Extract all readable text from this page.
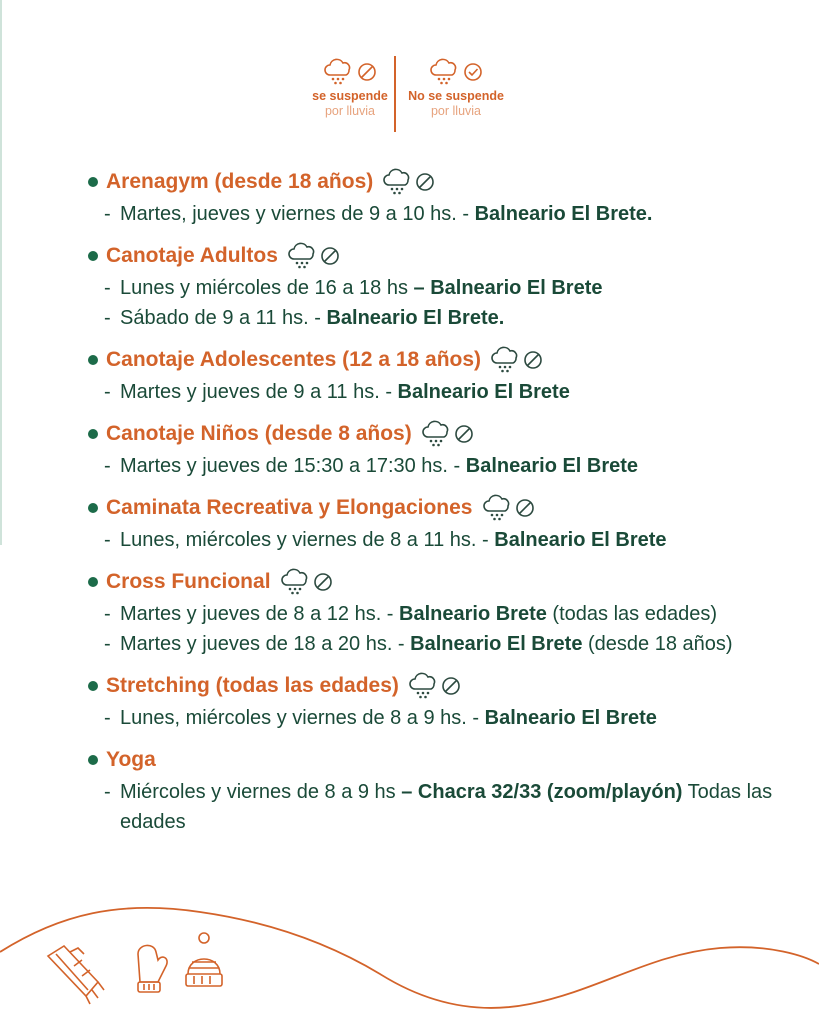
se suspende
por lluvia
No se suspende
por lluvia
Arenagym (desde 18 años)
- Martes, jueves y viernes de 9 a 10 hs. - Balneario El Brete.
Canotaje Adultos
- Lunes y miércoles de 16 a 18 hs – Balneario El Brete
- Sábado de 9 a 11 hs. - Balneario El Brete.
Canotaje Adolescentes (12 a 18 años)
- Martes y jueves de 9 a 11 hs. - Balneario El Brete
Canotaje Niños (desde 8 años)
- Martes y jueves de 15:30 a 17:30 hs. - Balneario El Brete
Caminata Recreativa y Elongaciones
- Lunes, miércoles y viernes de 8 a 11 hs. - Balneario El Brete
Cross Funcional
- Martes y jueves de 8 a 12 hs. - Balneario Brete (todas las edades)
- Martes y jueves de 18 a 20 hs. - Balneario El Brete (desde 18 años)
Stretching (todas las edades)
- Lunes, miércoles y viernes de 8 a 9 hs. - Balneario El Brete
Yoga
- Miércoles y viernes de 8 a 9 hs – Chacra 32/33 (zoom/playón) Todas las edades
